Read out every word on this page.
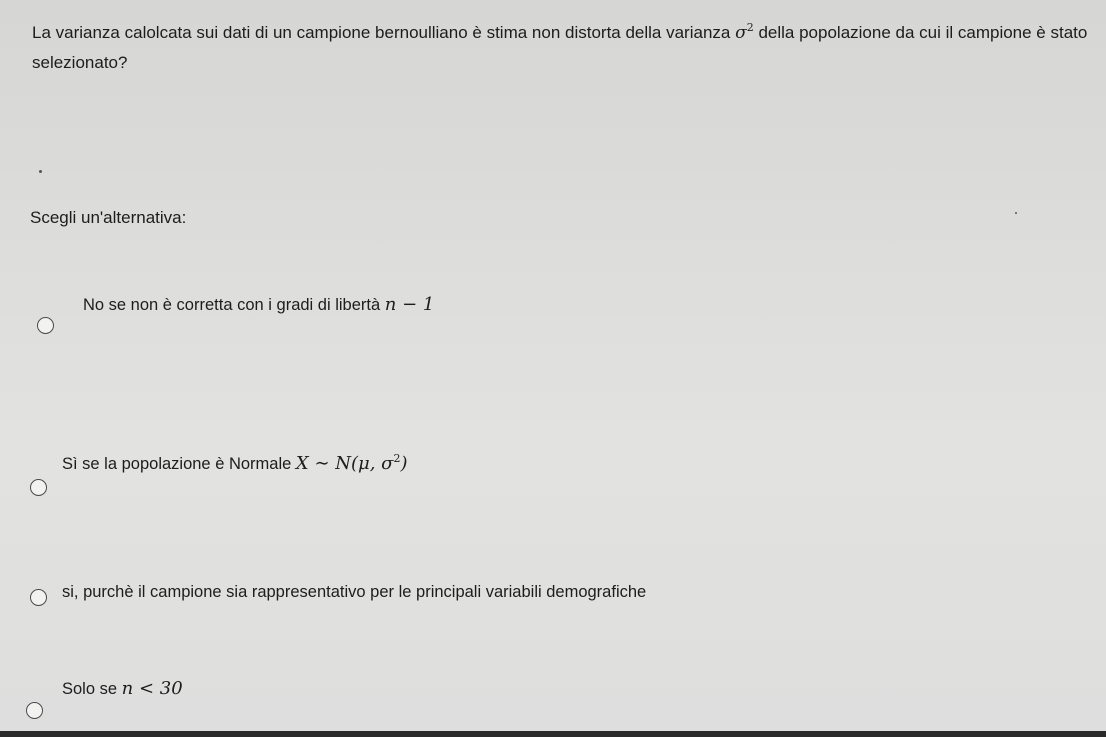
La varianza calolcata sui dati di un campione bernoulliano è stima non distorta della varianza $\sigma^2$ della popolazione da cui il campione è stato selezionato?
Scegli un'alternativa:
No se non è corretta con i gradi di libertà n − 1
Sì se la popolazione è Normale X ∼ N(μ, $\sigma^2$)
si, purchè il campione sia rappresentativo per le principali variabili demografiche
Solo se n < 30
